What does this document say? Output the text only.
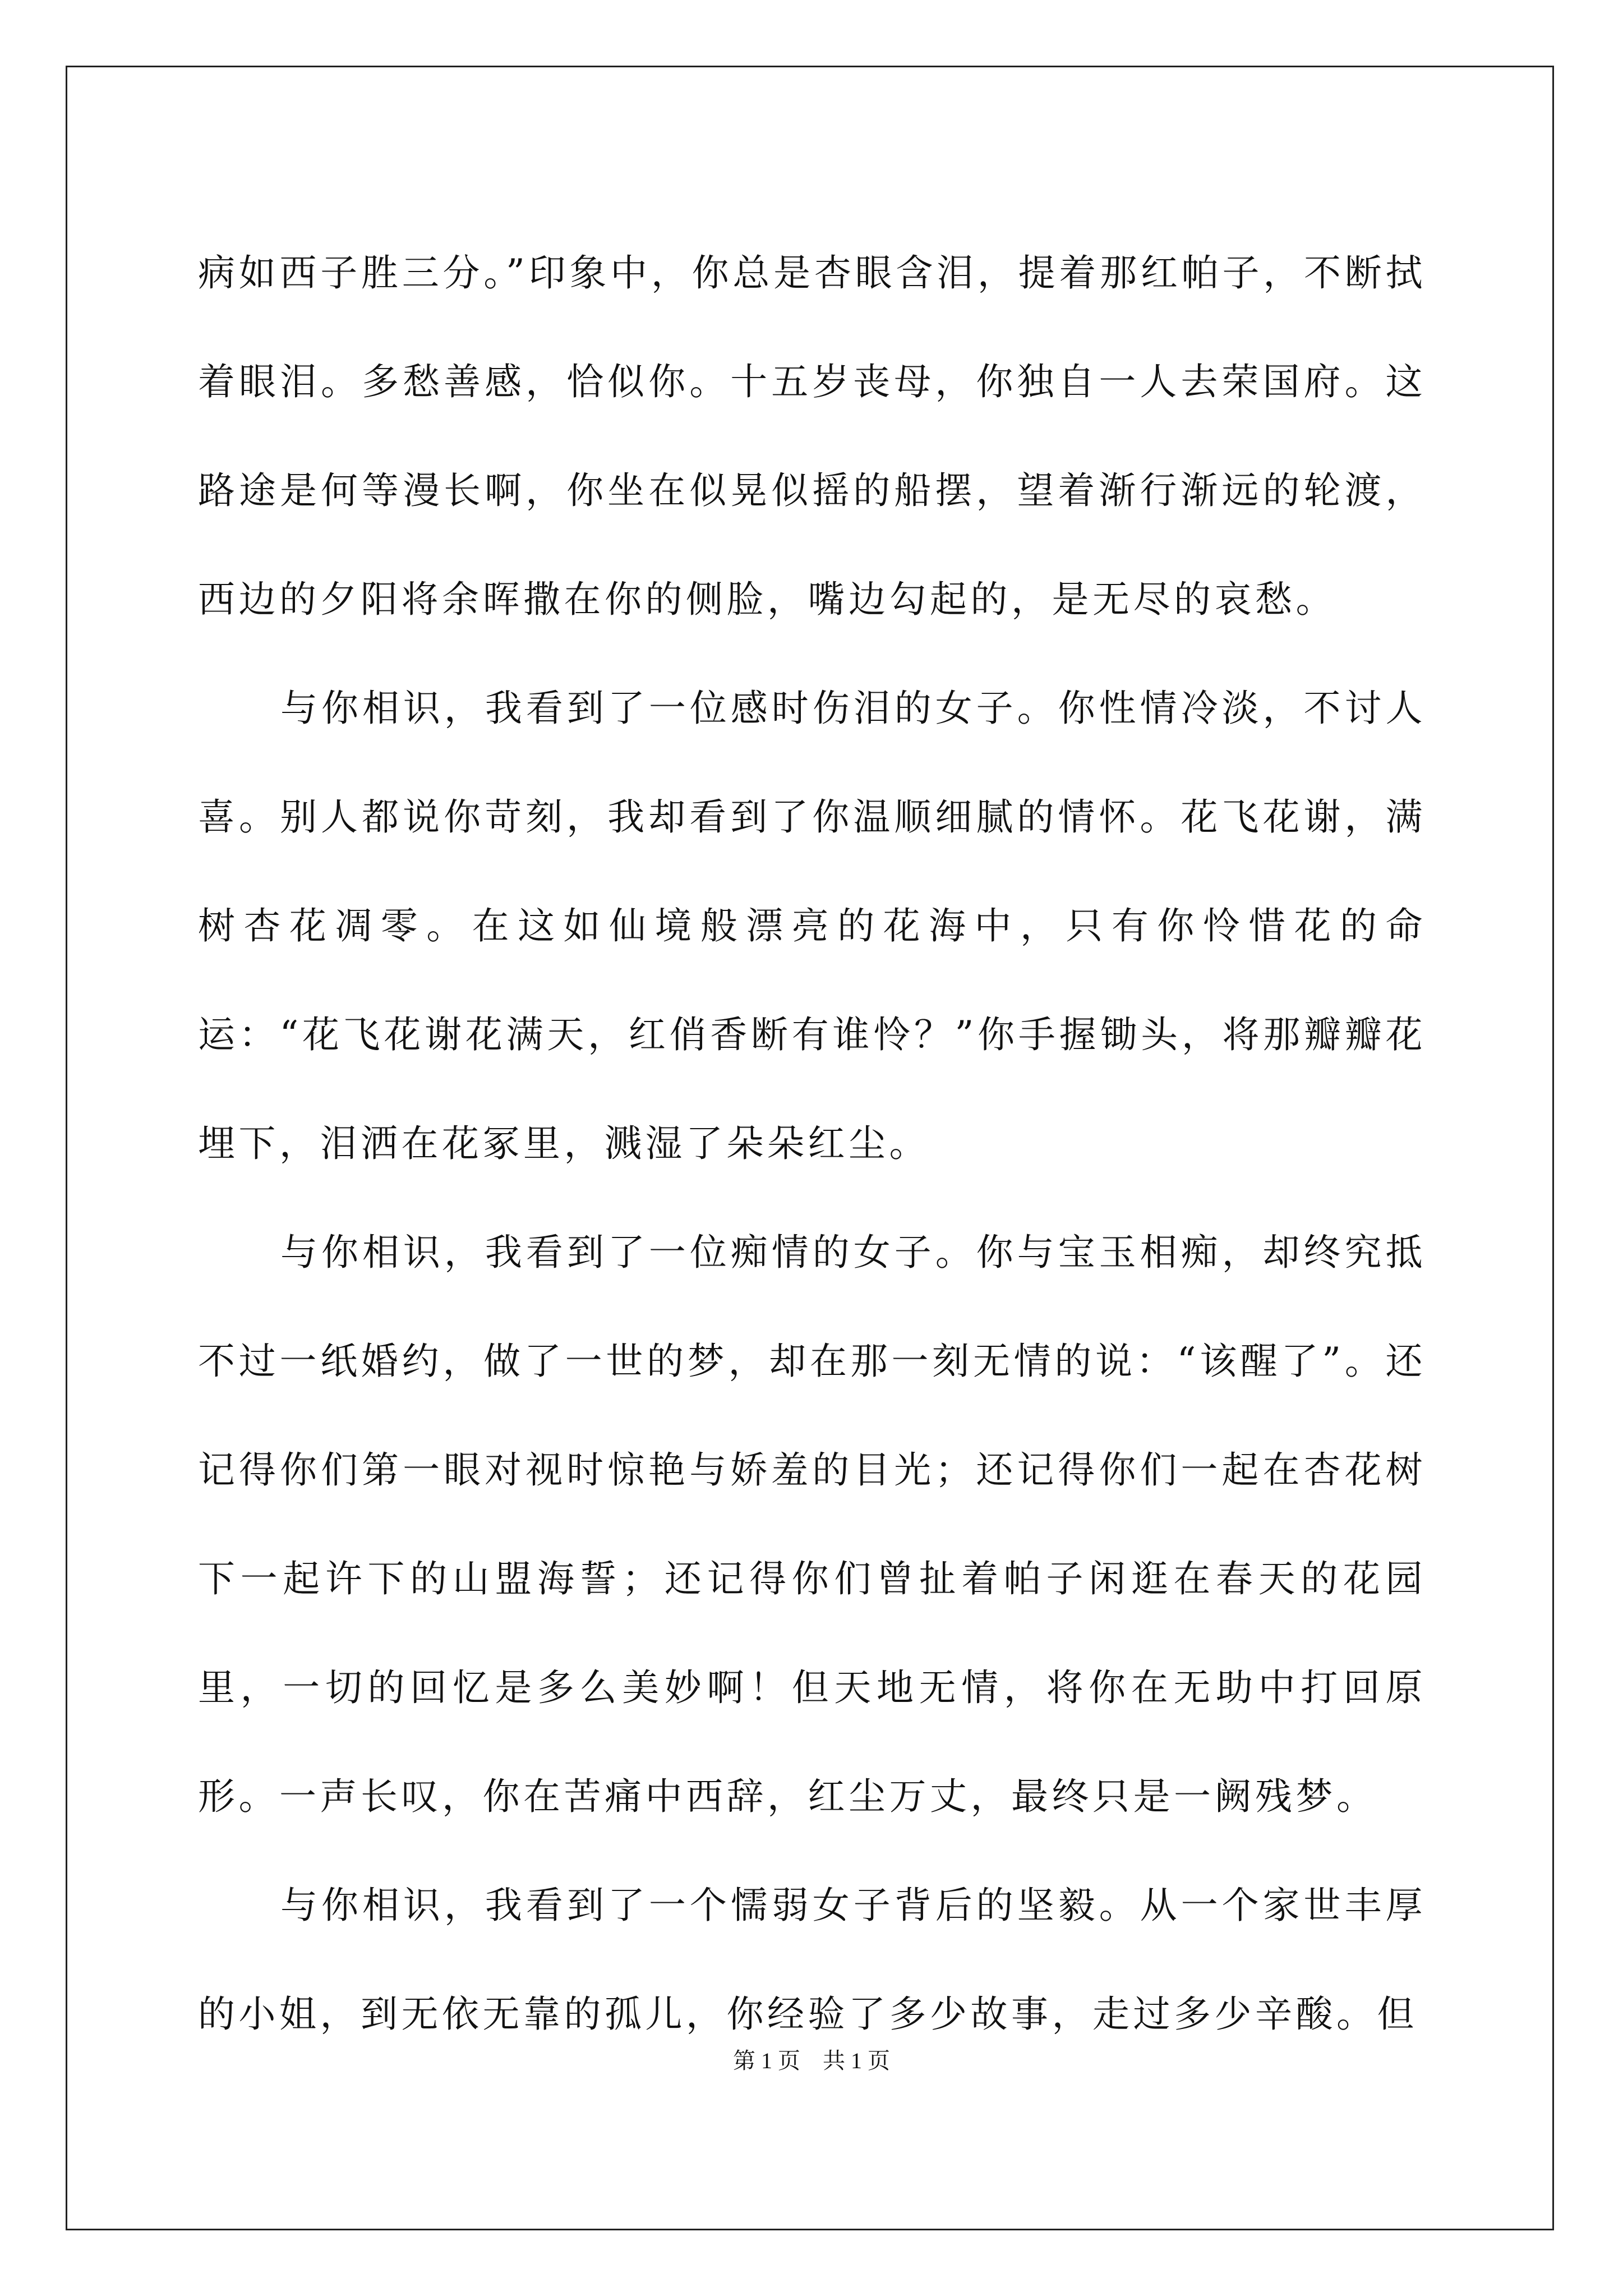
病如西子胜三分。”印象中，你总是杏眼含泪，提着那红帕子，不断拭着眼泪。多愁善感，恰似你。十五岁丧母，你独自一人去荣国府。这路途是何等漫长啊，你坐在似晃似摇的船摆，望着渐行渐远的轮渡，西边的夕阳将余晖撒在你的侧脸，嘴边勾起的，是无尽的哀愁。

与你相识，我看到了一位感时伤泪的女子。你性情冷淡，不讨人喜。别人都说你苛刻，我却看到了你温顺细腻的情怀。花飞花谢，满树杏花凋零。在这如仙境般漂亮的花海中，只有你怜惜花的命运：“花飞花谢花满天，红俏香断有谁怜？”你手握锄头，将那瓣瓣花埋下，泪洒在花冢里，溅湿了朵朵红尘。

与你相识，我看到了一位痴情的女子。你与宝玉相痴，却终究抵不过一纸婚约，做了一世的梦，却在那一刻无情的说：“该醒了”。还记得你们第一眼对视时惊艳与娇羞的目光；还记得你们一起在杏花树下一起许下的山盟海誓；还记得你们曾扯着帕子闲逛在春天的花园里，一切的回忆是多么美妙啊！但天地无情，将你在无助中打回原形。一声长叹，你在苦痛中西辞，红尘万丈，最终只是一阙残梦。

与你相识，我看到了一个懦弱女子背后的坚毅。从一个家世丰厚的小姐，到无依无靠的孤儿，你经验了多少故事，走过多少辛酸。但

第 1 页　共 1 页
